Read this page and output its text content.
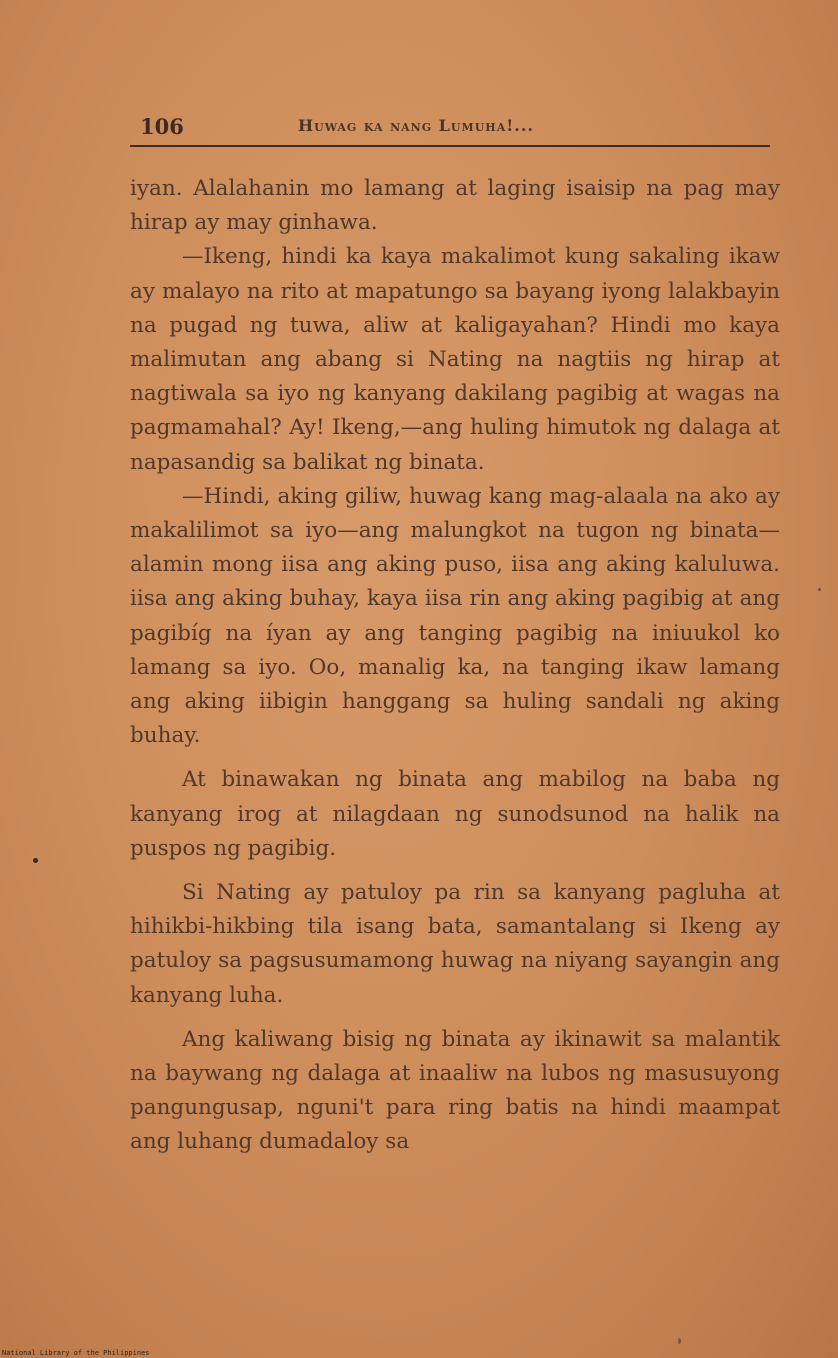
106	Huwag ka nang Lumuha!...

iyan. Alalahanin mo lamang at laging isaisip na pag may hirap ay may ginhawa.

—Ikeng, hindi ka kaya makalimot kung sakaling ikaw ay malayo na rito at mapatungo sa bayang iyong lalakbayin na pugad ng tuwa, aliw at kaligayahan? Hindi mo kaya malimutan ang abang si Nating na nagtiis ng hirap at nagtiwala sa iyo ng kanyang dakilang pagibig at wagas na pagmamahal? Ay! Ikeng,—ang huling himutok ng dalaga at napasandig sa balikat ng binata.

—Hindi, aking giliw, huwag kang mag-alaala na ako ay makalilimot sa iyo—ang malungkot na tugon ng binata—alamin mong iisa ang aking puso, iisa ang aking kaluluwa. iisa ang aking buhay, kaya iisa rin ang aking pagibig at ang pagibíg na íyan ay ang tanging pagibig na iniuukol ko lamang sa iyo. Oo, manalig ka, na tanging ikaw lamang ang aking iibigin hanggang sa huling sandali ng aking buhay.

At binawakan ng binata ang mabilog na baba ng kanyang irog at nilagdaan ng sunodsunod na halik na puspos ng pagibig.

Si Nating ay patuloy pa rin sa kanyang pagluha at hihikbi-hikbing tila isang bata, samantalang si Ikeng ay patuloy sa pagsusumamong huwag na niyang sayangin ang kanyang luha.

Ang kaliwang bisig ng binata ay ikinawit sa malantik na baywang ng dalaga at inaaliw na lubos ng masusuyong pangungusap, nguni't para ring batis na hindi maampat ang luhang dumadaloy sa

National Library of the Philippines
